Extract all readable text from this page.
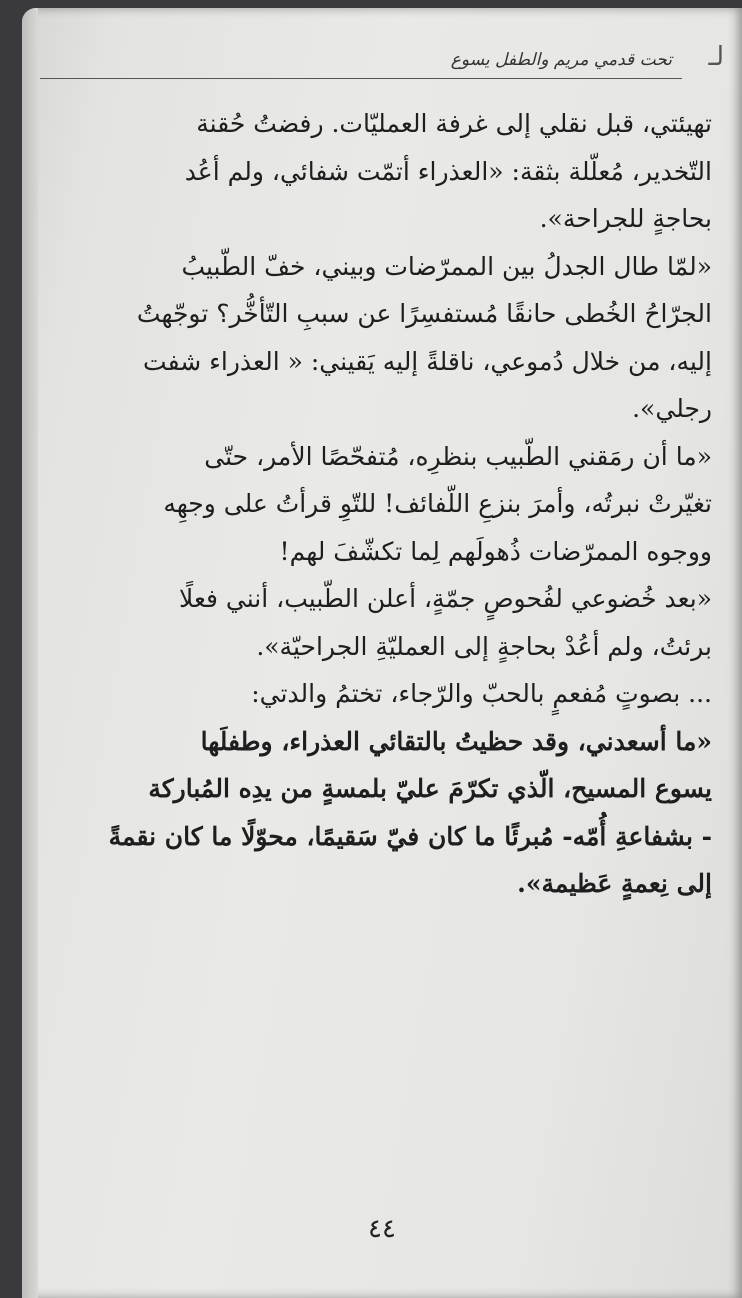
تحت قدمي مريم والطفل يسوع لـ
تهيئتي، قبل نقلي إلى غرفة العمليّات. رفضتُ حُقنة
التّخدير، مُعلّلة بثقة: «العذراء أتمّت شفائي، ولم أعُد
بحاجةٍ للجراحة».
«لمّا طال الجدلُ بين الممرّضات وبيني، خفّ الطّبيبُ
الجرّاحُ الخُطى حانقًا مُستفسِرًا عن سببِ التّأخُّر؟ توجّهتُ
إليه، من خلال دُموعي، ناقلةً إليه يَقيني: « العذراء شفت
رجلي».
«ما أن رمَقني الطّبيب بنظرِه، مُتفحّصًا الأمر، حتّى
تغيّرتْ نبرتُه، وأمرَ بنزعِ اللّفائف! للتّوِ قرأتُ على وجهِه
ووجوه الممرّضات ذُهولَهم لِما تكشّفَ لهم!
«بعد خُضوعي لفُحوصٍ جمّةٍ، أعلن الطّبيب، أنني فعلًا
برئتُ، ولم أعُدْ بحاجةٍ إلى العمليّةِ الجراحيّة».
... بصوتٍ مُفعمٍ بالحبّ والرّجاء، تختمُ والدتي:
«ما أسعدني، وقد حظيتُ بالتقائي العذراء، وطفلَها
يسوع المسيح، الّذي تكرّمَ عليّ بلمسةٍ من يدِه المُباركة
- بشفاعةِ أُمّه- مُبرئًا ما كان فيّ سَقيمًا، محوّلًا ما كان نقمةً
إلى نِعمةٍ عَظيمة».
٤٤
